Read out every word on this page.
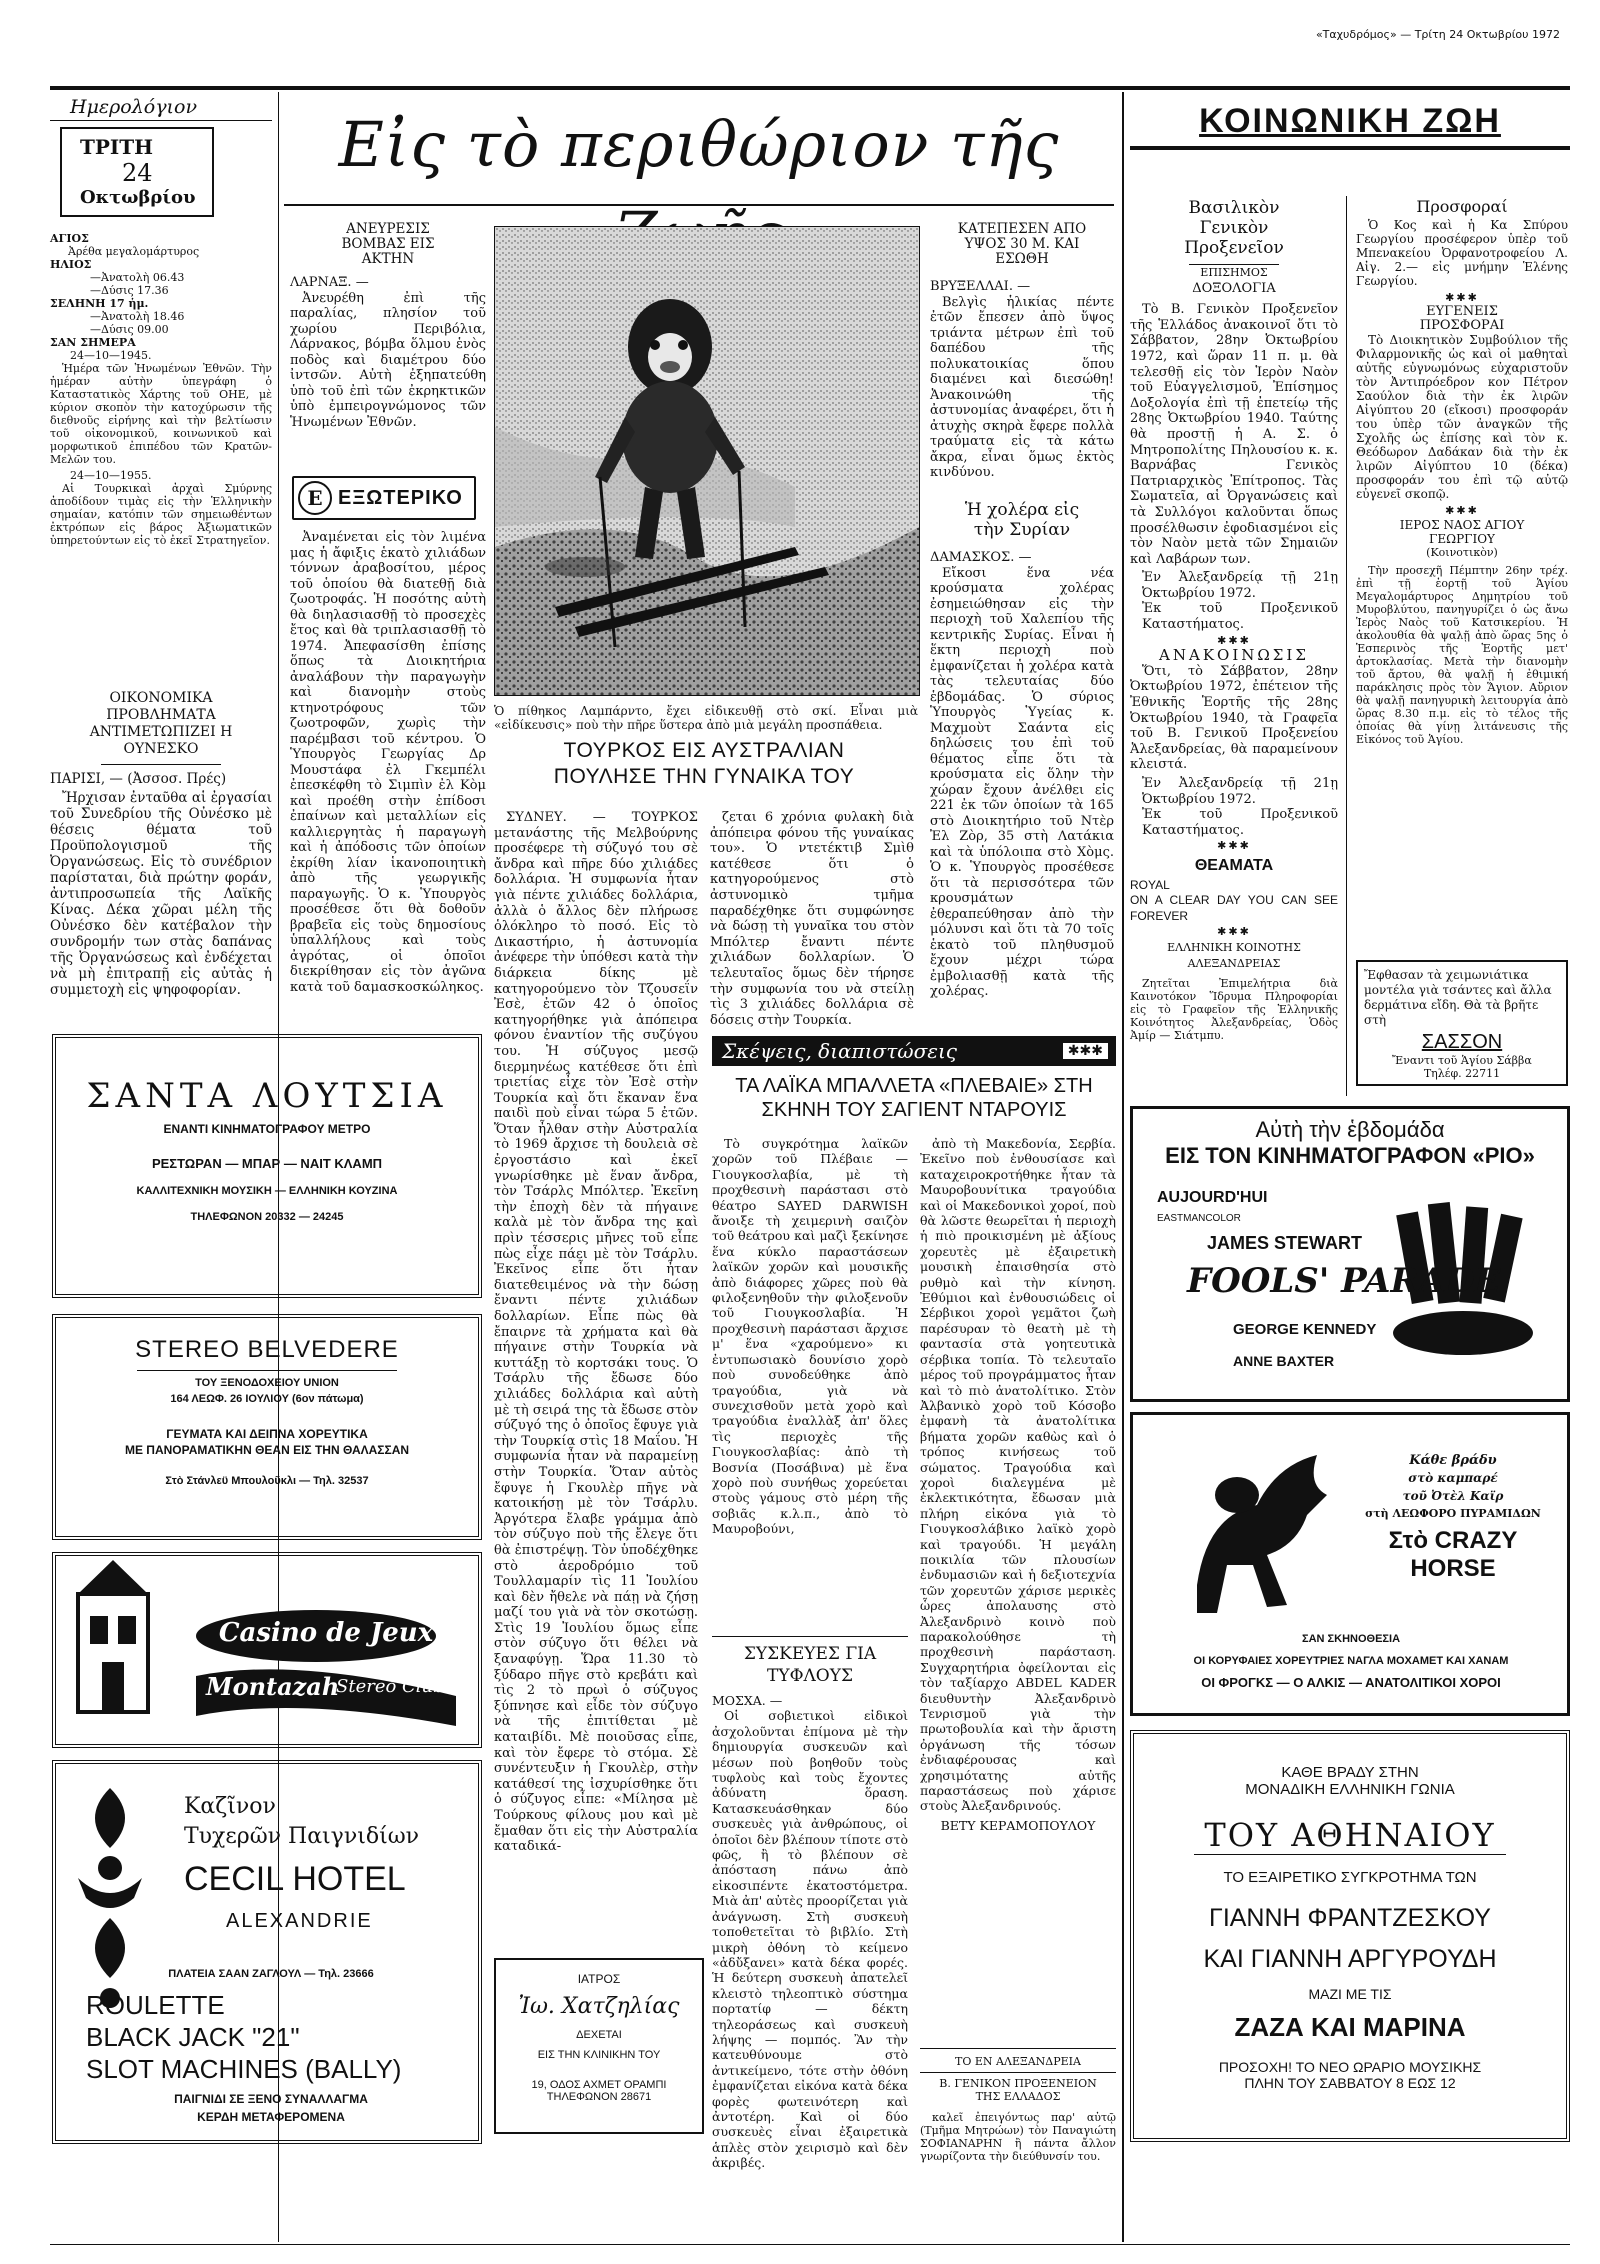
«Ταχυδρόμος» — Τρίτη 24 Οκτωβρίου 1972
Ημερολόγιον
ΤΡΙΤΗ
24
Οκτωβρίου
ΑΓΙΟΣ
Ἀρέθα μεγαλομάρτυρος
ΗΛΙΟΣ
—Ἀνατολὴ 06.43
—Δύσις 17.36
ΣΕΛΗΝΗ 17 ἡμ.
—Ἀνατολὴ 18.46
—Δύσις 09.00
ΣΑΝ ΣΗΜΕΡΑ
24—10—1945.

Ἡμέρα τῶν Ἡνωμένων Ἐθνῶν. Τὴν ἡμέραν αὐτὴν ὑπεγράφη ὁ Καταστατικὸς Χάρτης τοῦ ΟΗΕ, μὲ κύριον σκοπὸν τὴν κατοχύρωσιν τῆς διεθνοῦς εἰρήνης καὶ τὴν βελτίωσιν τοῦ οἰκονομικοῦ, κοινωνικοῦ καὶ μορφωτικοῦ ἐπιπέδου τῶν Κρατῶν-Μελῶν του.

24—10—1955.

Αἱ Τουρκικαὶ ἀρχαὶ Σμύρνης ἀποδίδουν τιμὰς εἰς τὴν Ἑλληνικὴν σημαίαν, κατόπιν τῶν σημειωθέντων ἐκτρόπων εἰς βάρος Ἀξιωματικῶν ὑπηρετούντων εἰς τὸ ἐκεῖ Στρατηγεῖον.

ΟΙΚΟΝΟΜΙΚΑ ΠΡΟΒΛΗΜΑΤΑ ΑΝΤΙΜΕΤΩΠΙΖΕΙ Η ΟΥΝΕΣΚΟ
ΠΑΡΙΣΙ, — (Ἀσσοσ. Πρές)

Ἤρχισαν ἐνταῦθα αἱ ἐργασίαι τοῦ Συνεδρίου τῆς Οὐνέσκο μὲ θέσεις θέματα τοῦ Προϋπολογισμοῦ τῆς Ὀργανώσεως. Εἰς τὸ συνέδριον παρίσταται, διὰ πρώτην φοράν, ἀντιπροσωπεία τῆς Λαϊκῆς Κίνας. Δέκα χῶραι μέλη τῆς Οὐνέσκο δὲν κατέβαλον τὴν συνδρομήν των στὰς δαπάνας τῆς Ὀργανώσεως καὶ ἐνδέχεται νὰ μὴ ἐπιτραπῇ εἰς αὐτὰς ἡ συμμετοχὴ εἰς ψηφοφορίαν.

Εἰς τὸ περιθώριον τῆς	ΚΟΙΝΩΝΙΚΗ ΖΩΗ
ΑΝΕΥΡΕΣΙΣ ΒΟΜΒΑΣ ΕΙΣ ΑΚΤΗΝ
ΛΑΡΝΑΞ. —

Ἀνευρέθη ἐπὶ τῆς παραλίας, πλησίον τοῦ χωρίου Περιβόλια, Λάρνακος, βόμβα ὅλμου ἑνὸς ποδὸς καὶ διαμέτρου δύο ἰντσῶν. Αὐτὴ ἐξηπατεύθη ὑπὸ τοῦ ἐπὶ τῶν ἐκρηκτικῶν ὑπὸ ἐμπειρογνώμονος τῶν Ἡνωμένων Ἐθνῶν.

Ε ΕΞΩΤΕΡΙΚΟ

Ἀναμένεται εἰς τὸν λιμένα μας ἡ ἄφιξις ἑκατὸ χιλιάδων τόννων ἀραβοσίτου, μέρος τοῦ ὁποίου θὰ διατεθῇ διὰ ζωοτροφάς. Ἡ ποσότης αὐτὴ θὰ διηλασιασθῇ τὸ προσεχὲς ἔτος καὶ θὰ τριπλασιασθῇ τὸ 1974. Ἀπεφασίσθη ἐπίσης ὅπως τὰ Διοικητήρια ἀναλάβουν τὴν παραγωγὴν καὶ διανομὴν στοὺς κτηνοτρόφους τῶν ζωοτροφῶν, χωρὶς τὴν παρέμβασι τοῦ κέντρου. Ὁ Ὑπουργὸς Γεωργίας Δρ Μουστάφα ἐλ Γκεμπέλι ἐπεσκέφθη τὸ Σιμπὶν ἐλ Κὸμ καὶ προέθη στὴν ἐπίδοσι ἐπαίνων καὶ μεταλλίων εἰς καλλιεργητὰς ἡ παραγωγὴ καὶ ἡ ἀπόδοσις τῶν ὁποίων ἐκρίθη λίαν ἱκανοποιητικὴ ἀπὸ τῆς γεωργικῆς παραγωγῆς. Ὁ κ. Ὑπουργὸς προσέθεσε ὅτι θὰ δοθοῦν βραβεῖα εἰς τοὺς δημοσίους ὑπαλλήλους καὶ τοὺς ἀγρότας, οἱ ὁποῖοι διεκρίθησαν εἰς τὸν ἀγῶνα κατὰ τοῦ δαμασκοσκώληκος.

Ὁ πίθηκος Λαμπάρντο, ἔχει εἰδικευθῇ στὸ σκί. Εἶναι μιὰ «εἰδίκευσις» ποὺ τὴν πῆρε ὕστερα ἀπὸ μιὰ μεγάλη προσπάθεια.
ΚΑΤΕΠΕΣΕΝ ΑΠΟ ΥΨΟΣ 30 Μ. ΚΑΙ ΕΣΩΘΗ
ΒΡΥΞΕΛΛΑΙ. —

Βελγὶς ἡλικίας πέντε ἐτῶν ἔπεσεν ἀπὸ ὕψος τριάντα μέτρων ἐπὶ τοῦ δαπέδου τῆς πολυκατοικίας ὅπου διαμένει καὶ διεσώθη! Ἀνακοινώθη τῆς ἀστυνομίας ἀναφέρει, ὅτι ἡ ἀτυχὴς σκηρὰ ἔφερε πολλὰ τραύματα εἰς τὰ κάτω ἄκρα, εἶναι ὅμως ἐκτὸς κινδύνου.

Ἡ χολέρα εἰς τὴν Συρίαν
ΔΑΜΑΣΚΟΣ. —

Εἴκοσι ἕνα νέα κρούσματα χολέρας ἐσημειώθησαν εἰς τὴν περιοχὴ τοῦ Χαλεπίου τῆς κεντρικῆς Συρίας. Εἶναι ἡ ἕκτη περιοχὴ ποὺ ἐμφανίζεται ἡ χολέρα κατὰ τὰς τελευταίας δύο ἑβδομάδας. Ὁ σύριος Ὑπουργὸς Ὑγείας κ. Μαχμοὺτ Σαάντα εἰς δηλώσεις του ἐπὶ τοῦ θέματος εἶπε ὅτι τὰ κρούσματα εἰς ὅλην τὴν χώραν ἔχουν ἀνέλθει εἰς 221 ἐκ τῶν ὁποίων τὰ 165 στὸ Διοικητήριο τοῦ Ντὲρ Ἐλ Ζὸρ, 35 στὴ Λατάκια καὶ τὰ ὑπόλοιπα στὸ Χὸμς. Ὁ κ. Ὑπουργὸς προσέθεσε ὅτι τὰ περισσότερα τῶν κρουσμάτων ἐθεραπεύθησαν ἀπὸ τὴν μόλυνσι καὶ ὅτι τὰ 70 τοῖς ἑκατὸ τοῦ πληθυσμοῦ ἔχουν μέχρι τώρα ἐμβολιασθῇ κατὰ τῆς χολέρας.

ΤΟΥΡΚΟΣ ΕΙΣ ΑΥΣΤΡΑΛΙΑΝ
ΠΟΥΛΗΣΕ ΤΗΝ ΓΥΝΑΙΚΑ ΤΟΥ

ΣΥΔΝΕΥ. — ΤΟΥΡΚΟΣ μετανάστης τῆς Μελβούρνης προσέφερε τὴ σύζυγό του σὲ ἄνδρα καὶ πῆρε δύο χιλιάδες δολλάρια. Ἡ συμφωνία ἦταν γιὰ πέντε χιλιάδες δολλάρια, ἀλλὰ ὁ ἄλλος δὲν πλήρωσε ὁλόκληρο τὸ ποσό. Εἰς τὸ Δικαστήριο, ἡ ἀστυνομία ἀνέφερε τὴν ὑπόθεσι κατὰ τὴν διάρκεια δίκης μὲ κατηγορούμενο τὸν Τζουσεΐν Ἐσὲ, ἐτῶν 42 ὁ ὁποῖος κατηγορήθηκε γιὰ ἀπόπειρα φόνου ἐναντίον τῆς συζύγου του. Ἡ σύζυγος μεσῷ διερμηνέως κατέθεσε ὅτι ἐπὶ τριετίας εἶχε τὸν Ἐσὲ στὴν Τουρκία καὶ ὅτι ἔκαναν ἕνα παιδὶ ποὺ εἶναι τώρα 5 ἐτῶν. Ὅταν ἦλθαν στὴν Αὐστραλία τὸ 1969 ἄρχισε τὴ δουλειὰ σὲ ἐργοστάσιο καὶ ἐκεῖ γνωρίσθηκε μὲ ἕναν ἄνδρα, τὸν Τσάρλς Μπόλτερ. Ἐκεῖνη τὴν ἐποχὴ δὲν τὰ πήγαινε καλὰ μὲ τὸν ἄνδρα της καὶ πρὶν τέσσερις μῆνες τοῦ εἶπε πὼς εἶχε πάει μὲ τὸν Τσάρλυ. Ἐκεῖνος εἶπε ὅτι ἦταν διατεθειμένος νὰ τὴν δώσῃ ἔναντι πέντε χιλιάδων δολλαρίων. Εἶπε πὼς θὰ ἔπαιρνε τὰ χρήματα καὶ θὰ πήγαινε στὴν Τουρκία νὰ κυττάξῃ τὸ κορτσάκι τους. Ὁ Τσάρλυ τῆς ἔδωσε δύο χιλιάδες δολλάρια καὶ αὐτὴ μὲ τὴ σειρά της τὰ ἔδωσε στὸν σύζυγό της ὁ ὁποῖος ἔφυγε γιὰ τὴν Τουρκία στὶς 18 Μαΐου. Ἡ συμφωνία ἦταν νὰ παραμείνῃ στὴν Τουρκία. Ὅταν αὐτὸς ἔφυγε ἡ Γκουλὲρ πῆγε νὰ κατοικήσῃ μὲ τὸν Τσάρλυ. Ἀργότερα ἔλαβε γράμμα ἀπὸ τὸν σύζυγο ποὺ τῆς ἔλεγε ὅτι θὰ ἐπιστρέψῃ. Τὸν ὑποδέχθηκε στὸ ἀεροδρόμιο τοῦ Τουλλαμαρίν τὶς 11 Ἰουλίου καὶ δὲν ἤθελε νὰ πάῃ νὰ ζήσῃ μαζί του γιὰ νὰ τὸν σκοτώσῃ. Στὶς 19 Ἰουλίου ὅμως εἶπε στὸν σύζυγο ὅτι θέλει νὰ ξαναφύγῃ. Ὥρα 11.30 τὸ ξύδαρο πῆγε στὸ κρεβάτι καὶ τὶς 2 τὸ πρωὶ ὁ σύζυγος ξύπνησε καὶ εἶδε τὸν σύζυγο νὰ τῆς ἐπιτίθεται μὲ καταιβίδι. Μὲ ποιοῦσας εἶπε, καὶ τὸν ἔφερε τὸ στόμα. Σὲ συνέντευξιν ἡ Γκουλὲρ, στὴν κατάθεσί της ἰσχυρίσθηκε ὅτι ὁ σύζυγος εἶπε: «Μίλησα μὲ Τούρκους φίλους μου καὶ μὲ ἔμαθαν ὅτι εἰς τὴν Αὐστραλία καταδικά-

ζεται 6 χρόνια φυλακὴ διὰ ἀπόπειρα φόνου τῆς γυναίκας του». Ὁ ντετέκτιβ Σμὶθ κατέθεσε ὅτι ὁ κατηγορούμενος στὸ ἀστυνομικὸ τμῆμα παραδέχθηκε ὅτι συμφώνησε νὰ δώσῃ τὴ γυναῖκα του στὸν Μπόλτερ ἔναντι πέντε χιλιάδων δολλαρίων. Ὁ τελευταῖος ὅμως δὲν τήρησε τὴν συμφωνία του νὰ στείλῃ τὶς 3 χιλιάδες δολλάρια σὲ δόσεις στὴν Τουρκία.

Σκέψεις, διαπιστώσεις	✱✱✱
ΤΑ ΛΑΪΚΑ ΜΠΑΛΛΕΤΑ «ΠΛΕΒΑΙΕ» ΣΤΗ ΣΚΗΝΗ ΤΟΥ ΣΑΓΙΕΝΤ ΝΤΑΡΟΥΙΣ

Τὸ συγκρότημα λαϊκῶν χορῶν τοῦ Πλέβαιε — Γιουγκοσλαβία, μὲ τὴ προχθεσινὴ παράστασι στὸ θέατρο SAYED DARWISH ἄνοιξε τὴ χειμερινὴ σαιζὸν τοῦ θεάτρου καὶ μαζὶ ξεκίνησε ἕνα κύκλο παραστάσεων λαϊκῶν χορῶν καὶ μουσικῆς ἀπὸ διάφορες χῶρες ποὺ θὰ φιλοξενηθοῦν τὴν φιλοξενοῦν τοῦ Γιουγκοσλαβία. Ἡ προχθεσινὴ παράστασι ἄρχισε μ' ἕνα «χαρούμενο» κι ἐντυπωσιακὸ δουνίσιο χορὸ ποὺ συνοδεύθηκε ἀπὸ τραγούδια, γιὰ νὰ συνεχισθοῦν μετὰ χορὸ καὶ τραγούδια ἐναλλὰξ ἀπ' ὅλες τὶς περιοχὲς τῆς Γιουγκοσλαβίας: ἀπὸ τὴ Βοσνία (Ποσάβινα) μὲ ἕνα χορὸ ποὺ συνήθως χορεύεται στοὺς γάμους στὸ μέρη τῆς σοβιᾶς κ.λ.π., ἀπὸ τὸ Μαυροβούνι,

ἀπὸ τὴ Μακεδονία, Σερβία. Ἐκεῖνο ποὺ ἐνθουσίασε καὶ καταχειροκροτήθηκε ἦταν τὰ Μαυροβουνίτικα τραγούδια καὶ οἱ Μακεδονικοὶ χοροί, ποὺ θὰ λῶστε θεωρεῖται ἡ περιοχὴ ἡ πιὸ προικισμένη μὲ ἀξίους χορευτὲς μὲ ἐξαιρετικὴ μουσικὴ ἐπαισθησία στὸ ρυθμὸ καὶ τὴν κίνηση. Ἐθύμιοι καὶ ἐνθουσιώδεις οἱ Σέρβικοι χοροὶ γεμᾶτοι ζωὴ παρέσυραν τὸ θεατὴ μὲ τὴ φαντασία στὰ γοητευτικὰ σέρβικα τοπία. Τὸ τελευταῖο μέρος τοῦ προγράμματος ἦταν καὶ τὸ πιὸ ἀνατολίτικο. Στὸν Ἀλβανικὸ χορὸ τοῦ Κόσοβο ἐμφανὴ τὰ ἀνατολίτικα βήματα χορῶν καθὼς καὶ ὁ τρόπος κινήσεως τοῦ σώματος. Τραγούδια καὶ χοροὶ διαλεγμένα μὲ ἐκλεκτικότητα, ἔδωσαν μιὰ πλήρη εἰκόνα γιὰ τὸ Γιουγκοσλάβικο λαϊκὸ χορὸ καὶ τραγούδι. Ἡ μεγάλη ποικιλία τῶν πλουσίων ἐνδυμασιῶν καὶ ἡ δεξιοτεχνία τῶν χορευτῶν χάρισε μερικὲς ὧρες ἀπολαυσης στὸ Ἀλεξανδρινὸ κοινὸ ποὺ παρακολούθησε τὴ προχθεσινὴ παράσταση. Συγχαρητήρια ὀφείλονται εἰς τὸν ταξίαρχο ABDEL KADER διευθυντὴν Ἀλεξανδρινὸ Τενρισμοῦ γιὰ τὴν πρωτοβουλία καὶ τὴν ἄριστη ὀργάνωση τῆς τόσων ἐνδιαφέρουσας καὶ χρησιμότατης αὐτῆς παραστάσεως ποὺ χάρισε στοὺς Ἀλεξανδρινούς.

ΒΕΤΥ ΚΕΡΑΜΟΠΟΥΛΟΥ
ΣΥΣΚΕΥΕΣ ΓΙΑ ΤΥΦΛΟΥΣ
ΜΟΣΧΑ. —

Οἱ σοβιετικοὶ εἰδικοὶ ἀσχολοῦνται ἐπίμονα μὲ τὴν δημιουργία συσκευῶν καὶ μέσων ποὺ βοηθοῦν τοὺς τυφλοὺς καὶ τοὺς ἔχοντες ἀδύνατη ὅραση. Κατασκευάσθηκαν δύο συσκευὲς γιὰ ἀνθρώπους, οἱ ὁποῖοι δὲν βλέπουν τίποτε στὸ φῶς, ἢ τὸ βλέπουν σὲ ἀπόσταση πάνω ἀπὸ εἰκοσιπέντε ἑκατοστόμετρα. Μιὰ ἀπ' αὐτὲς προορίζεται γιὰ ἀνάγνωση. Στὴ συσκευὴ τοποθετεῖται τὸ βιβλίο. Στὴ μικρὴ ὀθόνη τὸ κείμενο «ἀδὔξανει» κατὰ δέκα φορές. Ἡ δεύτερη συσκευὴ ἀπατελεῖ κλειστὸ τηλεοπτικὸ σύστημα πορτατίφ — δέκτη τηλεοράσεως καὶ συσκευὴ λήψης — πομπός. Ἂν τὴν κατευθύνουμε στὸ ἀντικείμενο, τότε στὴν ὀθόνη ἐμφανίζεται εἰκόνα κατὰ δέκα φορὲς φωτεινότερη καὶ ἀντοτέρη. Καὶ οἱ δύο συσκευὲς εἶναι ἐξαιρετικὰ ἁπλὲς στὸν χειρισμὸ καὶ δὲν ἀκριβές.

ΤΟ ΕΝ ΑΛΕΞΑΝΔΡΕΙΑ
Β. ΓΕΝΙΚΟΝ ΠΡΟΞΕΝΕΙΟΝ
ΤΗΣ ΕΛΛΑΔΟΣ

καλεῖ ἐπειγόντως παρ' αὐτῷ (Τμῆμα Μητρώων) τὸν Παναγιώτη ΣΟΦΙΑΝΑΡΗΝ ἢ πάντα ἄλλον γνωρίζοντα τὴν διεύθυνσίν του.

ΙΑΤΡΟΣ
Ἰω. Χατζηλίας
ΔΕΧΕΤΑΙ
ΕΙΣ ΤΗΝ ΚΛΙΝΙΚΗΝ ΤΟΥ
19, ΟΔΟΣ ΑΧΜΕΤ ΟΡΑΜΠΙ
ΤΗΛΕΦΩΝΟΝ 28671
ΣΑΝΤΑ ΛΟΥΤΣΙΑ
ΕΝΑΝΤΙ ΚΙΝΗΜΑΤΟΓΡΑΦΟΥ ΜΕΤΡΟ
ΡΕΣΤΩΡΑΝ — ΜΠΑΡ — ΝΑΙΤ ΚΛΑΜΠ
ΚΑΛΛΙΤΕΧΝΙΚΗ ΜΟΥΣΙΚΗ — ΕΛΛΗΝΙΚΗ ΚΟΥΖΙΝΑ
ΤΗΛΕΦΩΝΟΝ 20332 — 24245
STEREO BELVEDERE
ΤΟΥ ΞΕΝΟΔΟΧΕΙΟΥ UNION
164 ΛΕΩΦ. 26 ΙΟΥΛΙΟΥ (6ον πάτωμα)
ΓΕΥΜΑΤΑ ΚΑΙ ΔΕΙΠΝΑ ΧΟΡΕΥΤΙΚΑ
ΜΕ ΠΑΝΟΡΑΜΑΤΙΚΗΝ ΘΕΑΝ ΕΙΣ ΤΗΝ ΘΑΛΑΣΣΑΝ
Στὸ Στάνλεϋ Μπουλοῦκλι — Τηλ. 32537
Casino de Jeux
Montazah
Stereo Club
Καζῖνον
Τυχερῶν Παιγνιδίων
CECIL HOTEL
ALEXANDRIE
ΠΛΑΤΕΙΑ ΣΑΑΝ ΖΑΓΛΟΥΛ — Τηλ. 23666
ROULETTE
BLACK JACK "21"
SLOT MACHINES (BALLY)
ΠΑΙΓΝΙΔΙ ΣΕ ΞΕΝΟ ΣΥΝΑΛΛΑΓΜΑ
ΚΕΡΔΗ ΜΕΤΑΦΕΡΟΜΕΝΑ
Βασιλικὸν Γενικὸν Προξενεῖον
ΕΠΙΣΗΜΟΣ
ΔΟΞΟΛΟΓΙΑ

Τὸ Β. Γενικὸν Προξενεῖον τῆς Ἑλλάδος ἀνακοινοῖ ὅτι τὸ Σάββατον, 28ην Ὀκτωβρίου 1972, καὶ ὥραν 11 π. μ. θὰ τελεσθῇ εἰς τὸν Ἱερὸν Ναὸν τοῦ Εὐαγγελισμοῦ, Ἐπίσημος Δοξολογία ἐπὶ τῇ ἐπετείῳ τῆς 28ης Ὀκτωβρίου 1940. Ταύτης θὰ προστῇ ἡ Α. Σ. ὁ Μητροπολίτης Πηλουσίου κ. κ. Βαρνάβας Γενικὸς Πατριαρχικὸς Ἐπίτροπος. Τὰς Σωματεῖα, αἱ Ὀργανώσεις καὶ τὰ Συλλόγοι καλοῦνται ὅπως προσέλθωσιν ἐφοδιασμένοι εἰς τὸν Ναὸν μετὰ τῶν Σημαιῶν καὶ Λαβάρων των.

Ἐν Ἀλεξανδρείᾳ τῇ 21ῃ Ὀκτωβρίου 1972.
Ἐκ τοῦ Προξενικοῦ Καταστήματος.
✱✱✱
ΑΝΑΚΟΙΝΩΣΙΣ

Ὅτι, τὸ Σάββατον, 28ην Ὀκτωβρίου 1972, ἐπέτειον τῆς Ἐθνικῆς Ἑορτῆς τῆς 28ης Ὀκτωβρίου 1940, τὰ Γραφεῖα τοῦ Β. Γενικοῦ Προξενείου Ἀλεξανδρείας, θὰ παραμείνουν κλειστά.

Ἐν Ἀλεξανδρείᾳ τῇ 21ῃ Ὀκτωβρίου 1972.
Ἐκ τοῦ Προξενικοῦ Καταστήματος.
✱✱✱
ΘΕΑΜΑΤΑ
ROYAL
ON A CLEAR DAY YOU CAN SEE FOREVER
✱✱✱
ΕΛΛΗΝΙΚΗ ΚΟΙΝΟΤΗΣ
ΑΛΕΞΑΝΔΡΕΙΑΣ

Ζητεῖται Ἐπιμελήτρια διὰ Καινοτόκον Ἵδρυμα Πληροφορίαι εἰς τὸ Γραφεῖον τῆς Ἑλληνικῆς Κοινότητος Ἀλεξανδρείας, Ὁδὸς Ἀμίρ — Σιάτμπυ.

Προσφοραί

Ὁ Κος καὶ ἡ Κα Σπύρου Γεωργίου προσέφερον ὑπὲρ τοῦ Μπενακείου Ὀρφανοτροφείου Λ. Αἰγ. 2.— εἰς μνήμην Ἑλένης Γεωργίου.

✱✱✱
ΕΥΓΕΝΕΙΣ ΠΡΟΣΦΟΡΑΙ

Τὸ Διοικητικὸν Συμβούλιον τῆς Φιλαρμονικῆς ὡς καὶ οἱ μαθηταὶ αὐτῆς εὐγνωμόνως εὐχαριστοῦν τὸν Ἀντιπρόεδρον κον Πέτρον Σαούλον διὰ τὴν ἐκ λιρῶν Αἰγύπτου 20 (εἴκοσι) προσφοράν του ὑπὲρ τῶν ἀναγκῶν τῆς Σχολῆς ὡς ἐπίσης καὶ τὸν κ. Θεόδωρον Δαδάκαν διὰ τὴν ἐκ λιρῶν Αἰγύπτου 10 (δέκα) προσφοράν του ἐπὶ τῷ αὐτῷ εὐγενεῖ σκοπῷ.

✱✱✱
ΙΕΡΟΣ ΝΑΟΣ ΑΓΙΟΥ ΓΕΩΡΓΙΟΥ
(Κοινοτικὸν)

Τὴν προσεχῆ Πέμπτην 26ην τρέχ. ἐπὶ τῇ ἑορτῇ τοῦ Ἁγίου Μεγαλομάρτυρος Δημητρίου τοῦ Μυροβλύτου, πανηγυρίζει ὁ ὡς ἄνω Ἱερὸς Ναὸς τοῦ Κατσικερίου. Ἡ ἀκολουθία θὰ ψαλῇ ἀπὸ ὥρας 5ης ὁ Ἑσπερινὸς τῆς Ἑορτῆς μετ' ἀρτοκλασίας. Μετὰ τὴν διανομὴν τοῦ ἄρτου, θὰ ψαλῇ ἡ ἐθιμική παράκλησις πρὸς τὸν Ἅγιον. Αὔριον θὰ ψαλῇ πανηγυρικὴ λειτουργία ἀπὸ ὥρας 8.30 π.μ. εἰς τὸ τέλος τῆς ὁποίας θὰ γίνῃ λιτάνευσις τῆς Εἰκόνος τοῦ Ἁγίου.

Ἔφθασαν τὰ χειμωνιάτικα μοντέλα γιὰ τσάντες καὶ ἄλλα δερμάτινα εἴδη. Θὰ τὰ βρῆτε στὴ

ΣΑΣΣΟΝ
Ἔναντι τοῦ Ἁγίου Σάββα
Τηλέφ. 22711
Αὐτὴ τὴν ἑβδομάδα
ΕΙΣ ΤΟΝ ΚΙΝΗΜΑΤΟΓΡΑΦΟΝ «ΡΙΟ»
AUJOURD'HUI
JAMES STEWART
FOOLS' PARADE
GEORGE KENNEDY
ANNE BAXTER
EASTMANCOLOR
Κάθε βράδυ
στὸ καμπαρέ
τοῦ Ὀτὲλ Καϊρ
στὴ ΛΕΩΦΟΡΟ ΠΥΡΑΜΙΔΩΝ
Στὸ CRAZY HORSE
ΣΑΝ ΣΚΗΝΟΘΕΣΙΑ
ΟΙ ΚΟΡΥΦΑΙΕΣ ΧΟΡΕΥΤΡΙΕΣ ΝΑΓΛΑ ΜΟΧΑΜΕΤ ΚΑΙ ΧΑΝΑΜ
ΟΙ ΦΡΟΓΚΣ — Ο ΑΛΚΙΣ — ΑΝΑΤΟΛΙΤΙΚΟΙ ΧΟΡΟΙ
ΚΑΘΕ ΒΡΑΔΥ ΣΤΗΝ
ΜΟΝΑΔΙΚΗ ΕΛΛΗΝΙΚΗ ΓΩΝΙΑ
ΤΟΥ ΑΘΗΝΑΙΟΥ
ΤΟ ΕΞΑΙΡΕΤΙΚΟ ΣΥΓΚΡΟΤΗΜΑ ΤΩΝ
ΓΙΑΝΝΗ ΦΡΑΝΤΖΕΣΚΟΥ
ΚΑΙ ΓΙΑΝΝΗ ΑΡΓΥΡΟΥΔΗ
ΜΑΖΙ ΜΕ ΤΙΣ
ΖΑΖΑ ΚΑΙ ΜΑΡΙΝΑ
ΠΡΟΣΟΧΗ! ΤΟ ΝΕΟ ΩΡΑΡΙΟ ΜΟΥΣΙΚΗΣ
ΠΛΗΝ ΤΟΥ ΣΑΒΒΑΤΟΥ 8 ΕΩΣ 12
